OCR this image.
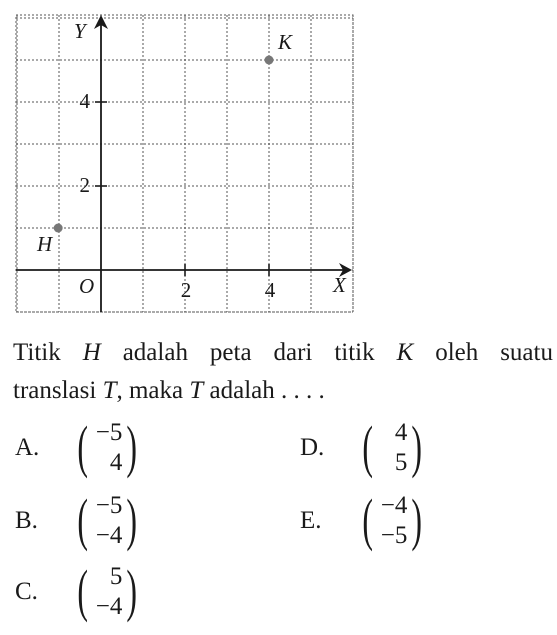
Y
X
O	2	4
2
4
H
K
Titik H adalah peta dari titik K oleh suatu
translasi T, maka T adalah . . . .
A. ( −5
4 )	D. ( 4
5 )
B. ( −5
−4 )	E. ( −4
−5 )
C. ( 5
−4 )
